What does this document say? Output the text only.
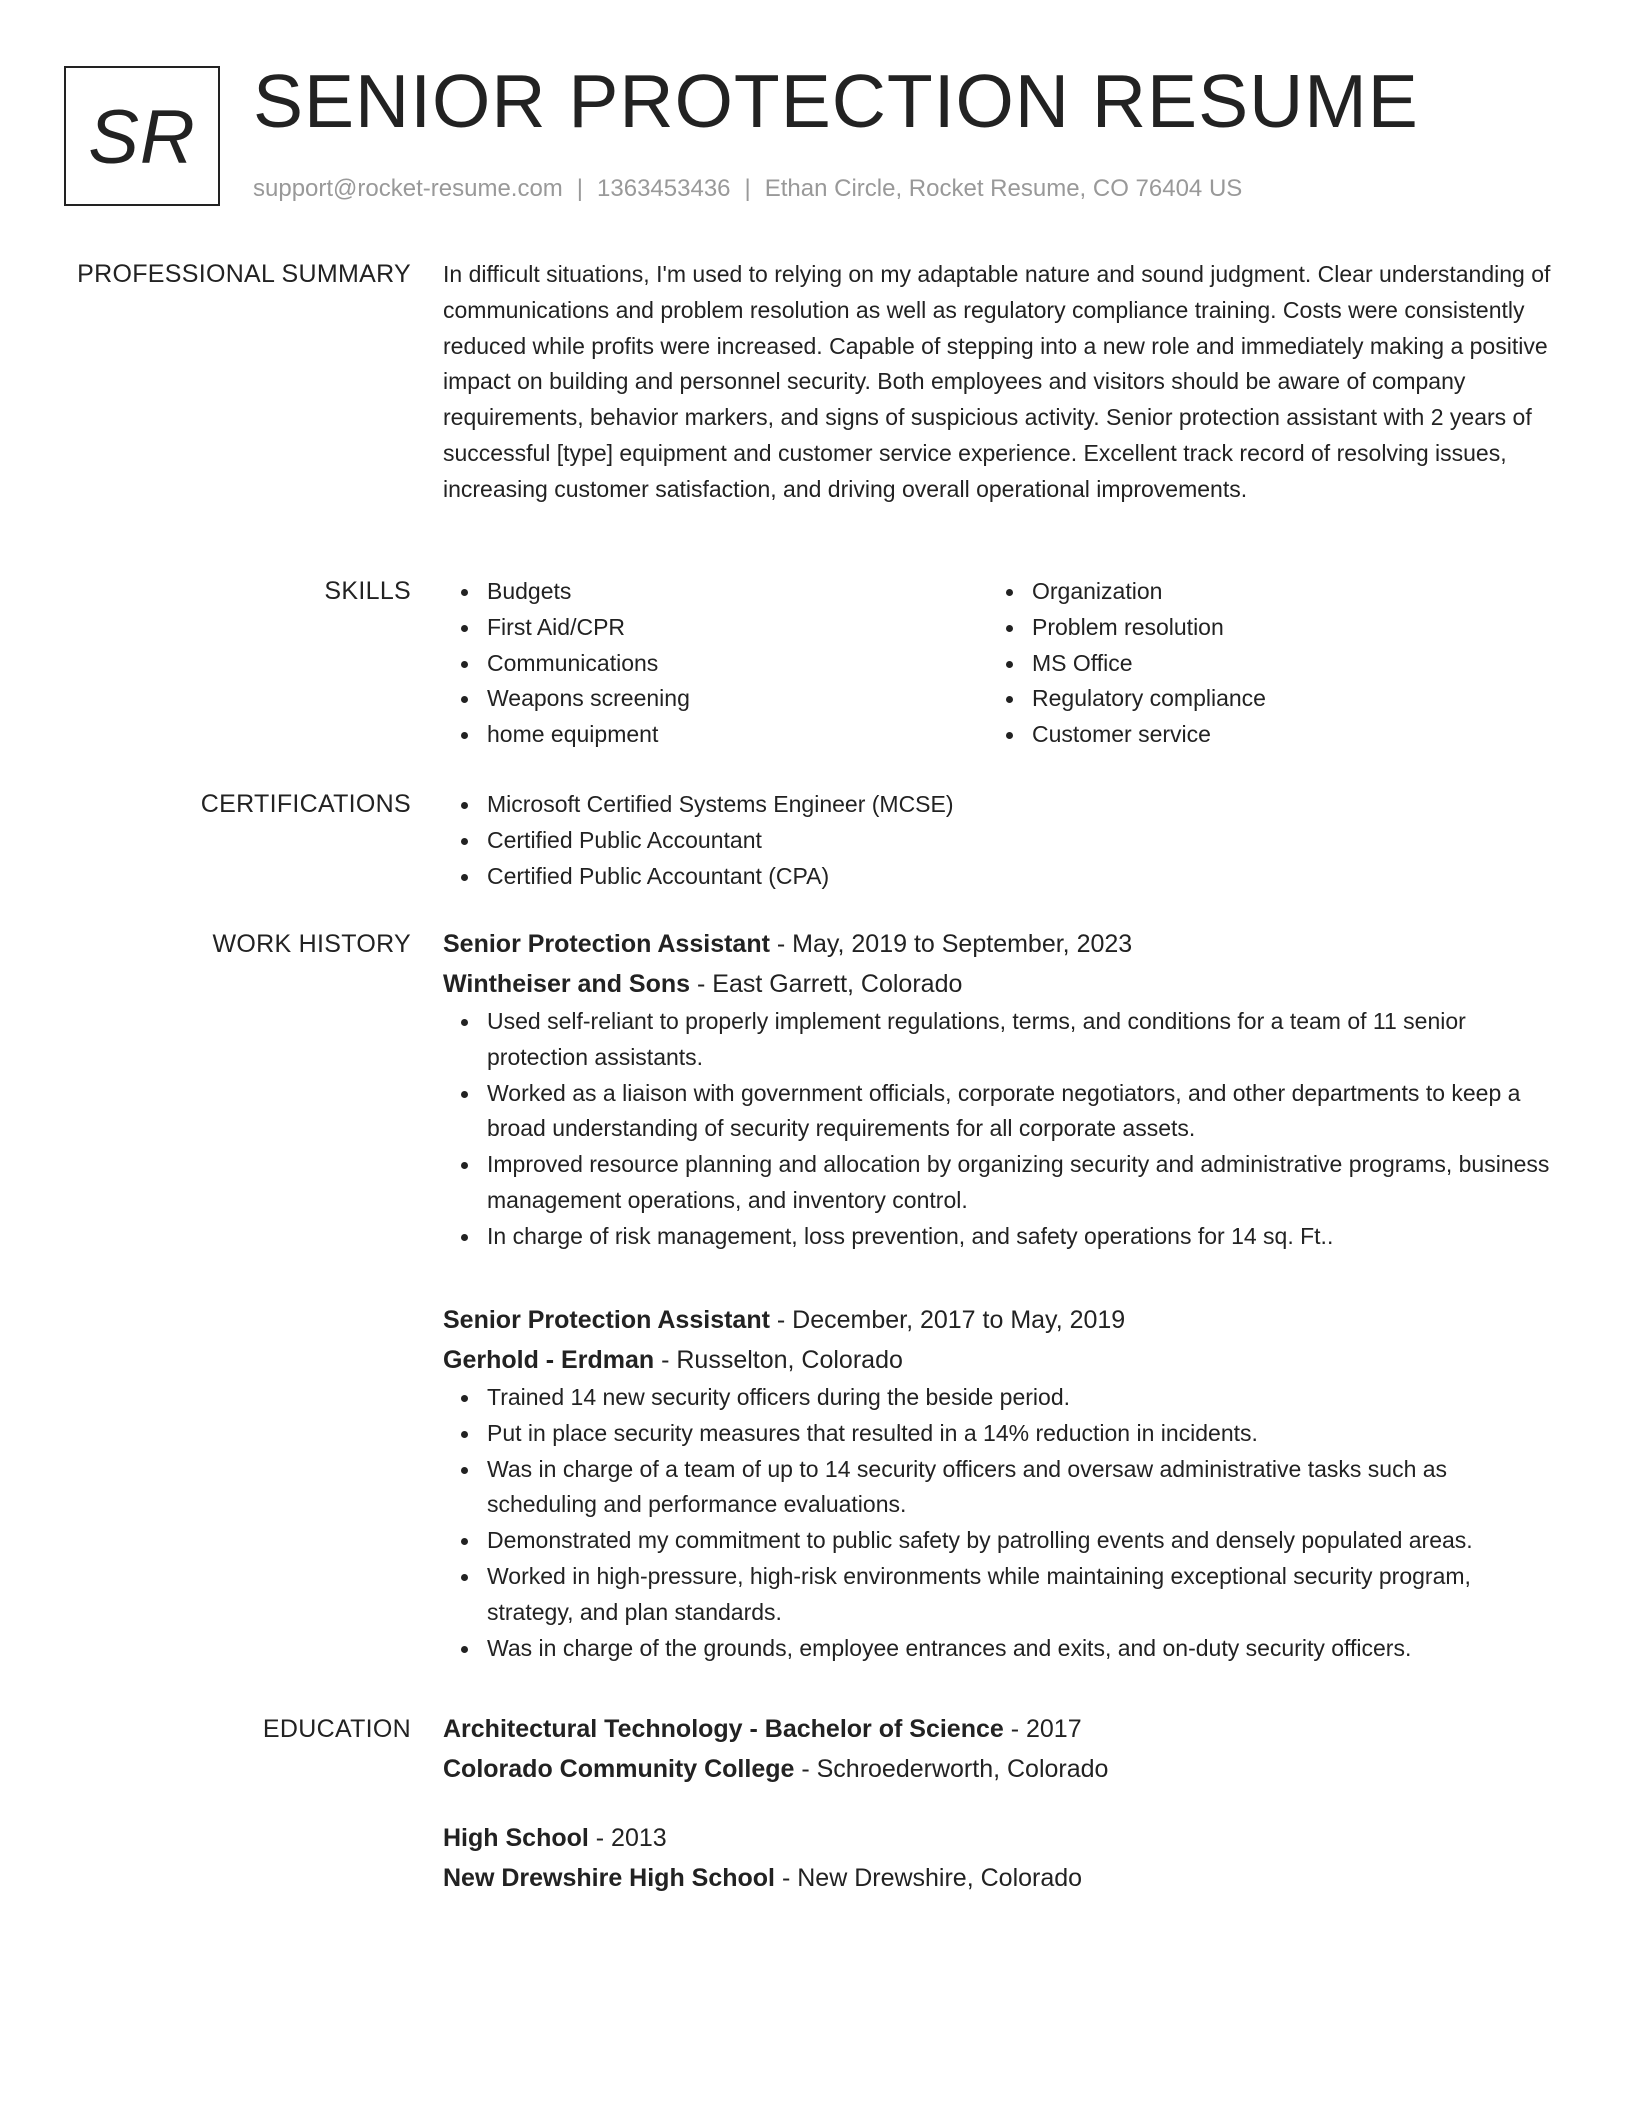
SR SENIOR PROTECTION RESUME
support@rocket-resume.com | 1363453436 | Ethan Circle, Rocket Resume, CO 76404 US
PROFESSIONAL SUMMARY In difficult situations, I'm used to relying on my adaptable nature and sound judgment. Clear understanding of communications and problem resolution as well as regulatory compliance training. Costs were consistently reduced while profits were increased. Capable of stepping into a new role and immediately making a positive impact on building and personnel security. Both employees and visitors should be aware of company requirements, behavior markers, and signs of suspicious activity. Senior protection assistant with 2 years of successful [type] equipment and customer service experience. Excellent track record of resolving issues, increasing customer satisfaction, and driving overall operational improvements.

SKILLS	Budgets
First Aid/CPR
Communications
Weapons screening
home equipment
Organization
Problem resolution
MS Office
Regulatory compliance
Customer service
CERTIFICATIONS	Microsoft Certified Systems Engineer (MCSE)
Certified Public Accountant
Certified Public Accountant (CPA)
WORK HISTORY Senior Protection Assistant - May, 2019 to September, 2023
Wintheiser and Sons - East Garrett, Colorado
Used self-reliant to properly implement regulations, terms, and conditions for a team of 11 senior protection assistants.
Worked as a liaison with government officials, corporate negotiators, and other departments to keep a broad understanding of security requirements for all corporate assets.
Improved resource planning and allocation by organizing security and administrative programs, business management operations, and inventory control.
In charge of risk management, loss prevention, and safety operations for 14 sq. Ft..
Senior Protection Assistant - December, 2017 to May, 2019
Gerhold - Erdman - Russelton, Colorado
Trained 14 new security officers during the beside period.
Put in place security measures that resulted in a 14% reduction in incidents.
Was in charge of a team of up to 14 security officers and oversaw administrative tasks such as scheduling and performance evaluations.
Demonstrated my commitment to public safety by patrolling events and densely populated areas.
Worked in high-pressure, high-risk environments while maintaining exceptional security program, strategy, and plan standards.
Was in charge of the grounds, employee entrances and exits, and on-duty security officers.
EDUCATION Architectural Technology - Bachelor of Science - 2017
Colorado Community College - Schroederworth, Colorado
High School - 2013
New Drewshire High School - New Drewshire, Colorado
